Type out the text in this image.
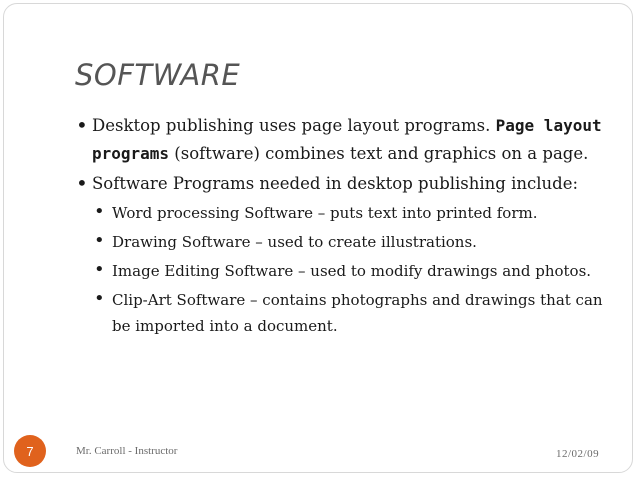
SOFTWARE
• Desktop publishing uses page layout programs. Page layout programs (software) combines text and graphics on a page.
• Software Programs needed in desktop publishing include:
• Word processing Software – puts text into printed form.
• Drawing Software – used to create illustrations.
• Image Editing Software – used to modify drawings and photos.
• Clip-Art Software – contains photographs and drawings that can be imported into a document.
7	Mr. Carroll - Instructor	12/02/09
